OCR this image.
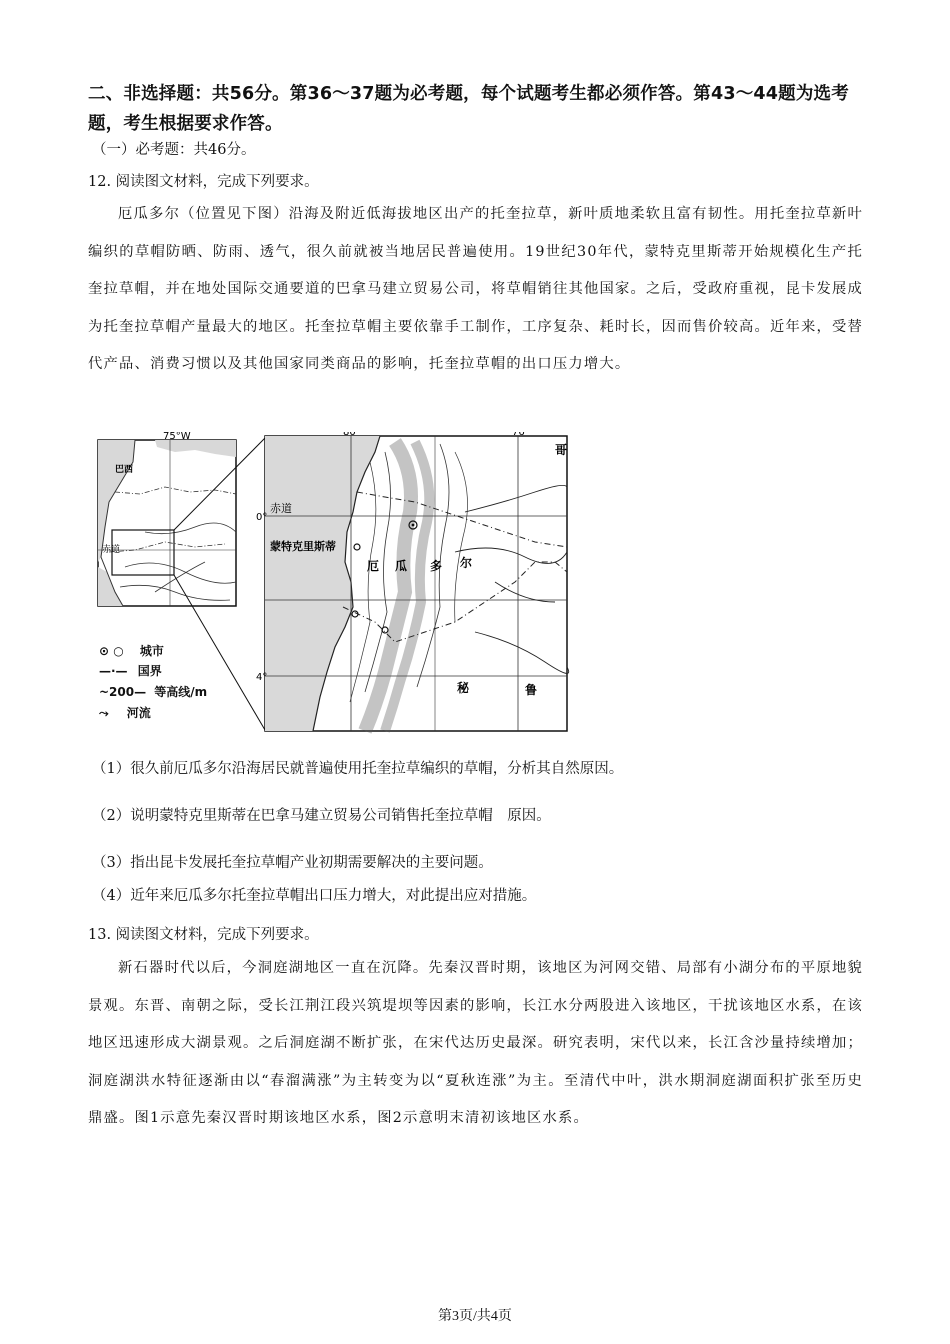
二、非选择题：共56分。第36～37题为必考题，每个试题考生都必须作答。第43～44题为选考题，考生根据要求作答。
（一）必考题：共46分。
12. 阅读图文材料，完成下列要求。

厄瓜多尔（位置见下图）沿海及附近低海拔地区出产的托奎拉草，新叶质地柔软且富有韧性。用托奎拉草新叶编织的草帽防晒、防雨、透气，很久前就被当地居民普遍使用。19世纪30年代，蒙特克里斯蒂开始规模化生产托奎拉草帽，并在地处国际交通要道的巴拿马建立贸易公司，将草帽销往其他国家。之后，受政府重视，昆卡发展成为托奎拉草帽产量最大的地区。托奎拉草帽主要依靠手工制作，工序复杂、耗时长，因而售价较高。近年来，受替代产品、消费习惯以及其他国家同类商品的影响，托奎拉草帽的出口压力增大。

75°W
巴西
赤道
80°	76°
0°
4°
赤道
蒙特克里斯蒂
厄 瓜 多 尔
秘	鲁
哥
⊙ ○ 城市
—·— 国界
~200— 等高线/m
⤳ 河流
（1）很久前厄瓜多尔沿海居民就普遍使用托奎拉草编织的草帽，分析其自然原因。
（2）说明蒙特克里斯蒂在巴拿马建立贸易公司销售托奎拉草帽　原因。
（3）指出昆卡发展托奎拉草帽产业初期需要解决的主要问题。
（4）近年来厄瓜多尔托奎拉草帽出口压力增大，对此提出应对措施。
13. 阅读图文材料，完成下列要求。

新石器时代以后，今洞庭湖地区一直在沉降。先秦汉晋时期，该地区为河网交错、局部有小湖分布的平原地貌景观。东晋、南朝之际，受长江荆江段兴筑堤坝等因素的影响，长江水分两股进入该地区，干扰该地区水系，在该地区迅速形成大湖景观。之后洞庭湖不断扩张，在宋代达历史最深。研究表明，宋代以来，长江含沙量持续增加；洞庭湖洪水特征逐渐由以“春溜满涨”为主转变为以“夏秋连涨”为主。至清代中叶，洪水期洞庭湖面积扩张至历史鼎盛。图1示意先秦汉晋时期该地区水系，图2示意明末清初该地区水系。

第3页/共4页
